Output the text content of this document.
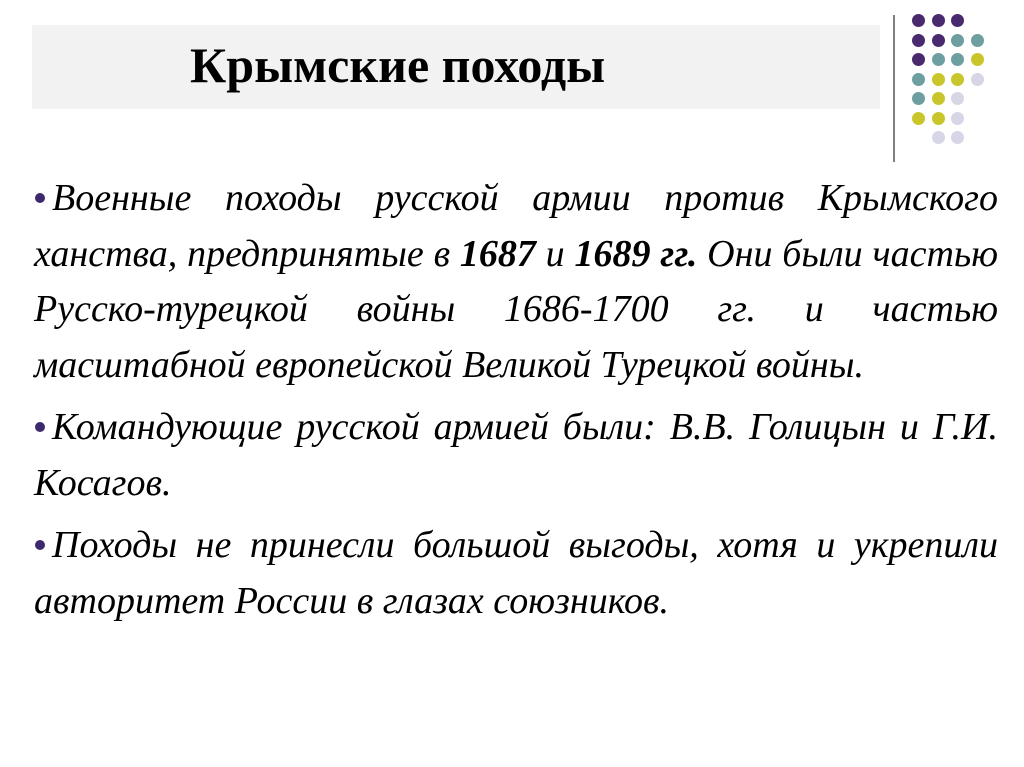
Крымские походы
Военные походы русской армии против Крымского ханства, предпринятые в 1687 и 1689 гг. Они были частью Русско-турецкой войны 1686-1700 гг. и частью масштабной европейской Великой Турецкой войны.
Командующие русской армией были: В.В. Голицын и Г.И. Косагов.
Походы не принесли большой выгоды, хотя и укрепили авторитет России в глазах союзников.
